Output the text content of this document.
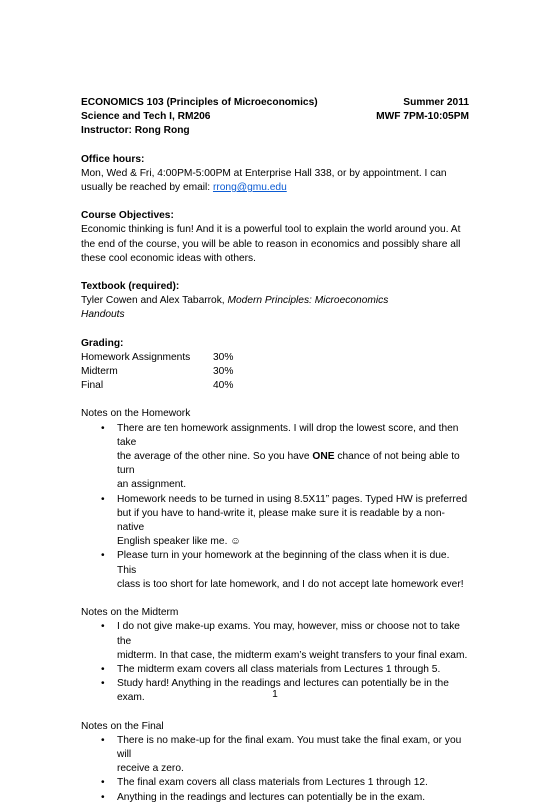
ECONOMICS 103 (Principles of Microeconomics)	Summer 2011
Science and Tech I, RM206	MWF 7PM-10:05PM
Instructor: Rong Rong
Office hours:
Mon, Wed & Fri, 4:00PM-5:00PM at Enterprise Hall 338, or by appointment. I can
usually be reached by email: rrong@gmu.edu
Course Objectives:
Economic thinking is fun! And it is a powerful tool to explain the world around you. At
the end of the course, you will be able to reason in economics and possibly share all
these cool economic ideas with others.
Textbook (required):
Tyler Cowen and Alex Tabarrok, Modern Principles: Microeconomics
Handouts
Grading:
Homework Assignments	30%
Midterm	30%
Final	40%
Notes on the Homework
• There are ten homework assignments. I will drop the lowest score, and then take
the average of the other nine. So you have ONE chance of not being able to turn
an assignment.
• Homework needs to be turned in using 8.5X11” pages. Typed HW is preferred
but if you have to hand-write it, please make sure it is readable by a non-native
English speaker like me. ☺
• Please turn in your homework at the beginning of the class when it is due. This
class is too short for late homework, and I do not accept late homework ever!
Notes on the Midterm
• I do not give make-up exams. You may, however, miss or choose not to take the
midterm. In that case, the midterm exam’s weight transfers to your final exam.
• The midterm exam covers all class materials from Lectures 1 through 5.
• Study hard! Anything in the readings and lectures can potentially be in the exam.
Notes on the Final
• There is no make-up for the final exam. You must take the final exam, or you will
receive a zero.
• The final exam covers all class materials from Lectures 1 through 12.
• Anything in the readings and lectures can potentially be in the exam.
1
